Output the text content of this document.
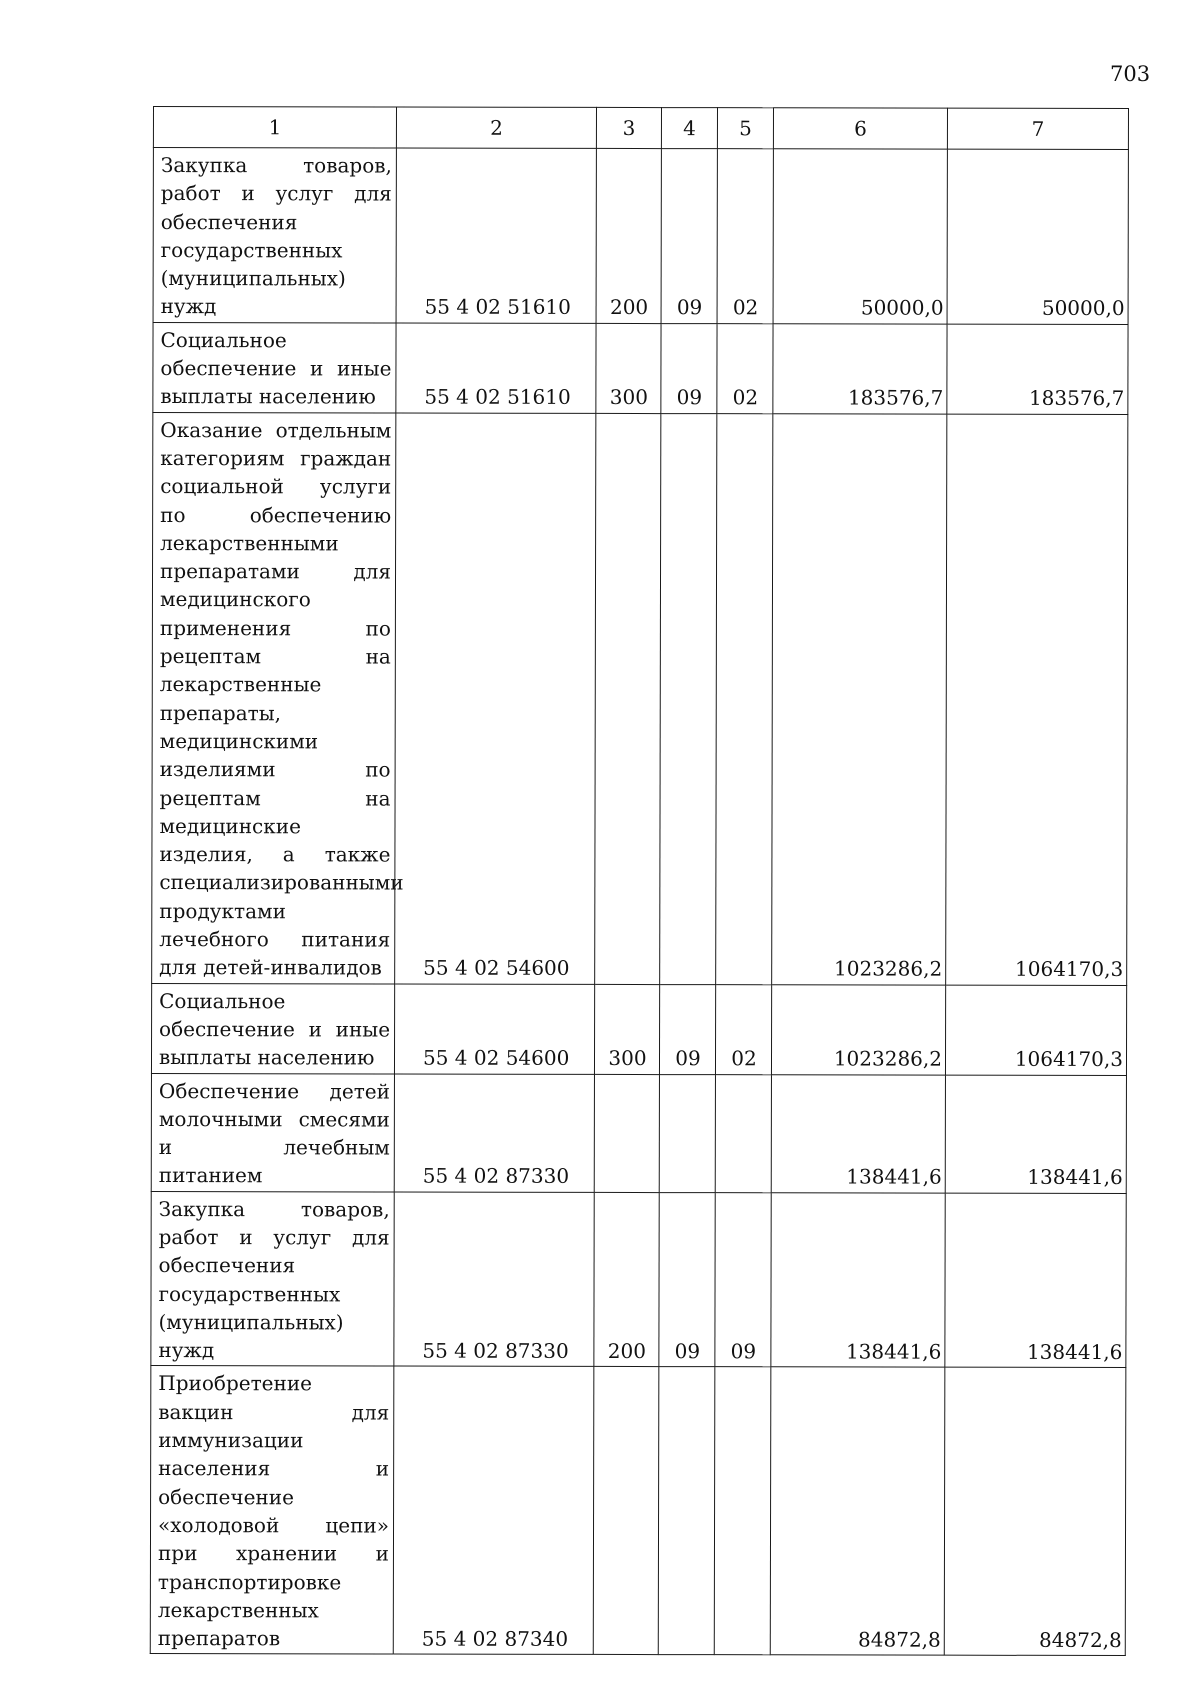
703
1	2	3	4	5	6	7
Закупка товаров, работ и услуг для обеспечения государственных (муниципальных) нужд	55 4 02 51610	200	09	02	50000,0	50000,0
Социальное обеспечение и иные выплаты населению	55 4 02 51610	300	09	02	183576,7	183576,7
Оказание отдельным категориям граждан социальной услуги по обеспечению лекарственными препаратами для медицинского применения по рецептам на лекарственные препараты, медицинскими изделиями по рецептам на медицинские изделия, а также специализированными продуктами лечебного питания для детей-инвалидов	55 4 02 54600				1023286,2	1064170,3
Социальное обеспечение и иные выплаты населению	55 4 02 54600	300	09	02	1023286,2	1064170,3
Обеспечение детей молочными смесями и лечебным питанием	55 4 02 87330				138441,6	138441,6
Закупка товаров, работ и услуг для обеспечения государственных (муниципальных) нужд	55 4 02 87330	200	09	09	138441,6	138441,6
Приобретение вакцин для иммунизации населения и обеспечение «холодовой цепи» при хранении и транспортировке лекарственных препаратов	55 4 02 87340				84872,8	84872,8
